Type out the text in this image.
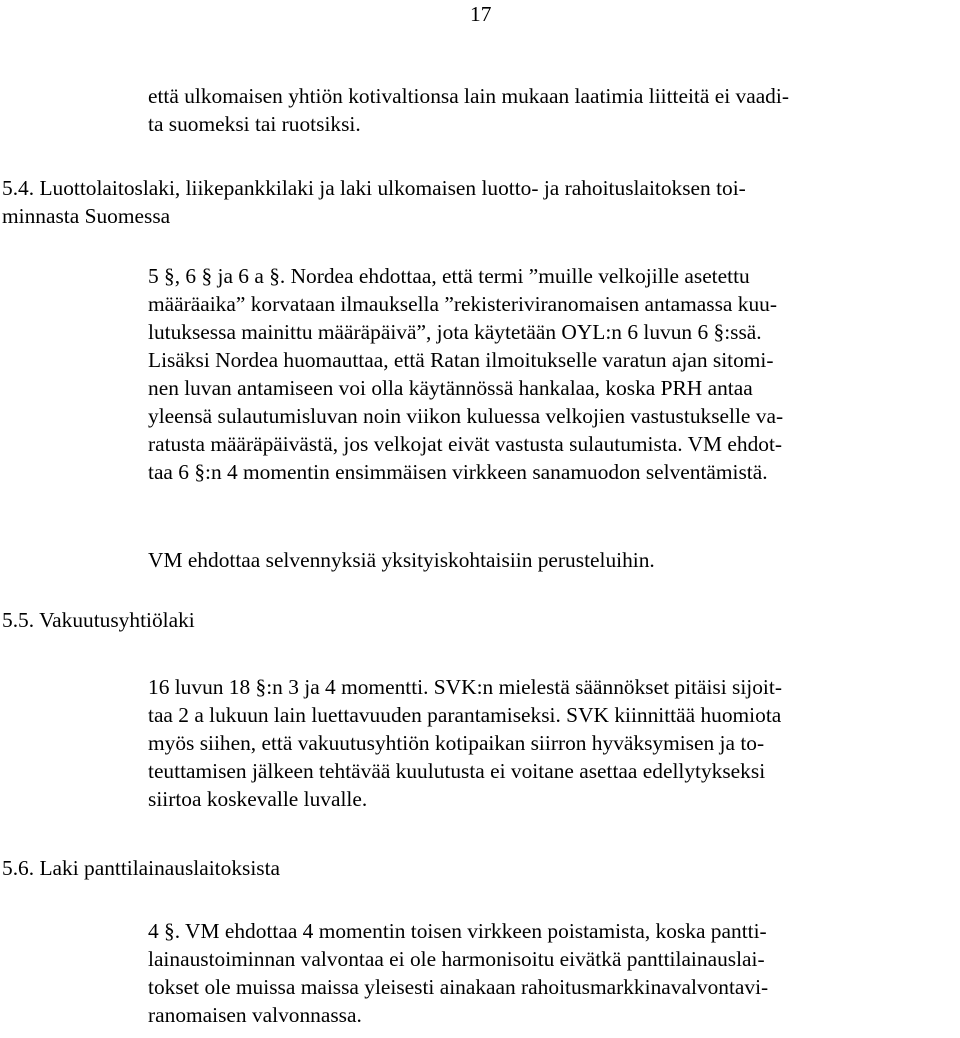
17

että ulkomaisen yhtiön kotivaltionsa lain mukaan laatimia liitteitä ei vaadi-

ta suomeksi tai ruotsiksi.

5.4. Luottolaitoslaki, liikepankkilaki ja laki ulkomaisen luotto- ja rahoituslaitoksen toi-

minnasta Suomessa

5 §, 6 § ja 6 a §. Nordea ehdottaa, että termi ”muille velkojille asetettu

määräaika” korvataan ilmauksella ”rekisteriviranomaisen antamassa kuu-

lutuksessa mainittu määräpäivä”, jota käytetään OYL:n 6 luvun 6 §:ssä.

Lisäksi Nordea huomauttaa, että Ratan ilmoitukselle varatun ajan sitomi-

nen luvan antamiseen voi olla käytännössä hankalaa, koska PRH antaa

yleensä sulautumisluvan noin viikon kuluessa velkojien vastustukselle va-

ratusta määräpäivästä, jos velkojat eivät vastusta sulautumista. VM ehdot-

taa 6 §:n 4 momentin ensimmäisen virkkeen sanamuodon selventämistä.

VM ehdottaa selvennyksiä yksityiskohtaisiin perusteluihin.

5.5. Vakuutusyhtiölaki

16 luvun 18 §:n 3 ja 4 momentti. SVK:n mielestä säännökset pitäisi sijoit-

taa 2 a lukuun lain luettavuuden parantamiseksi. SVK kiinnittää huomiota

myös siihen, että vakuutusyhtiön kotipaikan siirron hyväksymisen ja to-

teuttamisen jälkeen tehtävää kuulutusta ei voitane asettaa edellytykseksi

siirtoa koskevalle luvalle.

5.6. Laki panttilainauslaitoksista

4 §. VM ehdottaa 4 momentin toisen virkkeen poistamista, koska pantti-

lainaustoiminnan valvontaa ei ole harmonisoitu eivätkä panttilainauslai-

tokset ole muissa maissa yleisesti ainakaan rahoitusmarkkinavalvontavi-

ranomaisen valvonnassa.
